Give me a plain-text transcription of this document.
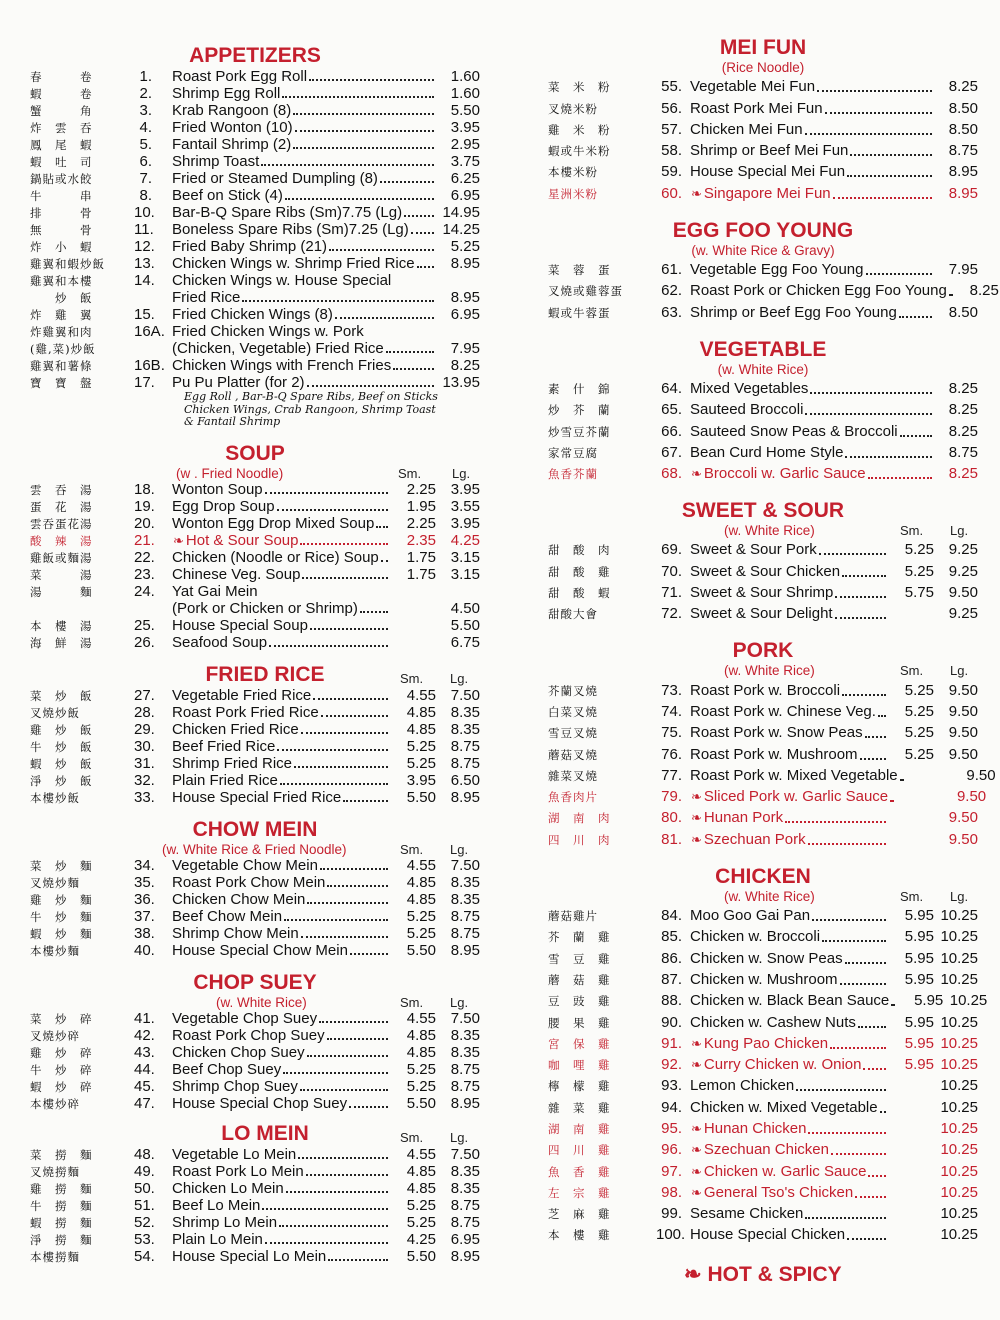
APPETIZERS
春　　　卷	1. Roast Pork Egg Roll	1.60
蝦　　　卷	2. Shrimp Egg Roll	1.60
蟹　　　角	3. Krab Rangoon (8)	5.50
炸　雲　吞	4. Fried Wonton (10)	3.95
鳳　尾　蝦	5. Fantail Shrimp (2)	2.95
蝦　吐　司	6. Shrimp Toast	3.75
鍋貼或水餃	7. Fried or Steamed Dumpling (8)	6.25
牛　　　串	8. Beef on Stick (4)	6.95
排　　　骨	10. Bar-B-Q Spare Ribs (Sm)7.75 (Lg)	14.95
無　　　骨	11. Boneless Spare Ribs (Sm)7.25 (Lg)	14.25
炸　小　蝦	12. Fried Baby Shrimp (21)	5.25
雞翼和蝦炒飯	13. Chicken Wings w. Shrimp Fried Rice	8.95
雞翼和本樓	14. Chicken Wings w. House Special
　　炒　飯	Fried Rice	8.95
炸　雞　翼	15. Fried Chicken Wings (8)	6.95
炸雞翼和肉	16A. Fried Chicken Wings w. Pork
(雞,菜)炒飯	(Chicken, Vegetable) Fried Rice	7.95
雞翼和薯條	16B. Chicken Wings with French Fries	8.25
寶　寶　盤	17. Pu Pu Platter (for 2)	13.95
Egg Roll , Bar-B-Q Spare Ribs, Beef on Sticks
Chicken Wings, Crab Rangoon, Shrimp Toast
& Fantail Shrimp
SOUP
(w . Fried Noodle)	Sm. Lg.
雲　吞　湯	18. Wonton Soup	2.25 3.95
蛋　花　湯	19. Egg Drop Soup	1.95 3.55
雲吞蛋花湯	20. Wonton Egg Drop Mixed Soup	2.25 3.95
酸　辣　湯	21. ❧ Hot & Sour Soup	2.35 4.25
雞飯或麵湯	22. Chicken (Noodle or Rice) Soup	1.75 3.15
菜　　　湯	23. Chinese Veg. Soup	1.75 3.15
湯　　　麵	24. Yat Gai Mein
(Pork or Chicken or Shrimp)	4.50
本　樓　湯	25. House Special Soup	5.50
海　鮮　湯	26. Seafood Soup	6.75
FRIED RICE	Sm. Lg.
菜　炒　飯	27. Vegetable Fried Rice	4.55 7.50
叉燒炒飯	28. Roast Pork Fried Rice	4.85 8.35
雞　炒　飯	29. Chicken Fried Rice	4.85 8.35
牛　炒　飯	30. Beef Fried Rice	5.25 8.75
蝦　炒　飯	31. Shrimp Fried Rice	5.25 8.75
淨　炒　飯	32. Plain Fried Rice	3.95 6.50
本樓炒飯	33. House Special Fried Rice	5.50 8.95
CHOW MEIN
(w. White Rice & Fried Noodle)	Sm. Lg.
菜　炒　麵	34. Vegetable Chow Mein	4.55 7.50
叉燒炒麵	35. Roast Pork Chow Mein	4.85 8.35
雞　炒　麵	36. Chicken Chow Mein	4.85 8.35
牛　炒　麵	37. Beef Chow Mein	5.25 8.75
蝦　炒　麵	38. Shrimp Chow Mein	5.25 8.75
本樓炒麵	40. House Special Chow Mein	5.50 8.95
CHOP SUEY
(w. White Rice)	Sm. Lg.
菜　炒　碎	41. Vegetable Chop Suey	4.55 7.50
叉燒炒碎	42. Roast Pork Chop Suey	4.85 8.35
雞　炒　碎	43. Chicken Chop Suey	4.85 8.35
牛　炒　碎	44. Beef Chop Suey	5.25 8.75
蝦　炒　碎	45. Shrimp Chop Suey	5.25 8.75
本樓炒碎	47. House Special Chop Suey	5.50 8.95
LO MEIN	Sm. Lg.
菜　撈　麵	48. Vegetable Lo Mein	4.55 7.50
叉燒撈麵	49. Roast Pork Lo Mein	4.85 8.35
雞　撈　麵	50. Chicken Lo Mein	4.85 8.35
牛　撈　麵	51. Beef Lo Mein	5.25 8.75
蝦　撈　麵	52. Shrimp Lo Mein	5.25 8.75
淨　撈　麵	53. Plain Lo Mein	4.25 6.95
本樓撈麵	54. House Special Lo Mein	5.50 8.95
MEI FUN
(Rice Noodle)
菜　米　粉	55. Vegetable Mei Fun	8.25
叉燒米粉	56. Roast Pork Mei Fun	8.50
雞　米　粉	57. Chicken Mei Fun	8.50
蝦或牛米粉	58. Shrimp or Beef Mei Fun	8.75
本樓米粉	59. House Special Mei Fun	8.95
星洲米粉	60. ❧ Singapore Mei Fun	8.95
EGG FOO YOUNG
(w. White Rice & Gravy)
菜　蓉　蛋	61. Vegetable Egg Foo Young	7.95
叉燒或雞蓉蛋	62. Roast Pork or Chicken Egg Foo Young	8.25
蝦或牛蓉蛋	63. Shrimp or Beef Egg Foo Young	8.50
VEGETABLE
(w. White Rice)
素　什　錦	64. Mixed Vegetables	8.25
炒　芥　蘭	65. Sauteed Broccoli	8.25
炒雪豆芥蘭	66. Sauteed Snow Peas & Broccoli	8.25
家常豆腐	67. Bean Curd Home Style	8.75
魚香芥蘭	68. ❧ Broccoli w. Garlic Sauce	8.25
SWEET & SOUR
(w. White Rice)	Sm. Lg.
甜　酸　肉	69. Sweet & Sour Pork	5.25 9.25
甜　酸　雞	70. Sweet & Sour Chicken	5.25 9.25
甜　酸　蝦	71. Sweet & Sour Shrimp	5.75 9.50
甜酸大會	72. Sweet & Sour Delight	9.25
PORK
(w. White Rice)	Sm. Lg.
芥蘭叉燒	73. Roast Pork w. Broccoli	5.25 9.50
白菜叉燒	74. Roast Pork w. Chinese Veg.	5.25 9.50
雪豆叉燒	75. Roast Pork w. Snow Peas	5.25 9.50
蘑菇叉燒	76. Roast Pork w. Mushroom	5.25 9.50
雜菜叉燒	77. Roast Pork w. Mixed Vegetable	9.50
魚香肉片	79. ❧ Sliced Pork w. Garlic Sauce	9.50
湖　南　肉	80. ❧ Hunan Pork	9.50
四　川　肉	81. ❧ Szechuan Pork	9.50
CHICKEN
(w. White Rice)	Sm. Lg.
蘑菇雞片	84. Moo Goo Gai Pan	5.95 10.25
芥　蘭　雞	85. Chicken w. Broccoli	5.95 10.25
雪　豆　雞	86. Chicken w. Snow Peas	5.95 10.25
蘑　菇　雞	87. Chicken w. Mushroom	5.95 10.25
豆　豉　雞	88. Chicken w. Black Bean Sauce	5.95 10.25
腰　果　雞	90. Chicken w. Cashew Nuts	5.95 10.25
宮　保　雞	91. ❧ Kung Pao Chicken	5.95 10.25
咖　哩　雞	92. ❧ Curry Chicken w. Onion	5.95 10.25
檸　檬　雞	93. Lemon Chicken	10.25
雜　菜　雞	94. Chicken w. Mixed Vegetable	10.25
湖　南　雞	95. ❧ Hunan Chicken	10.25
四　川　雞	96. ❧ Szechuan Chicken	10.25
魚　香　雞	97. ❧ Chicken w. Garlic Sauce	10.25
左　宗　雞	98. ❧ General Tso's Chicken	10.25
芝　麻　雞	99. Sesame Chicken	10.25
本　樓　雞	100. House Special Chicken	10.25
❧ HOT & SPICY
